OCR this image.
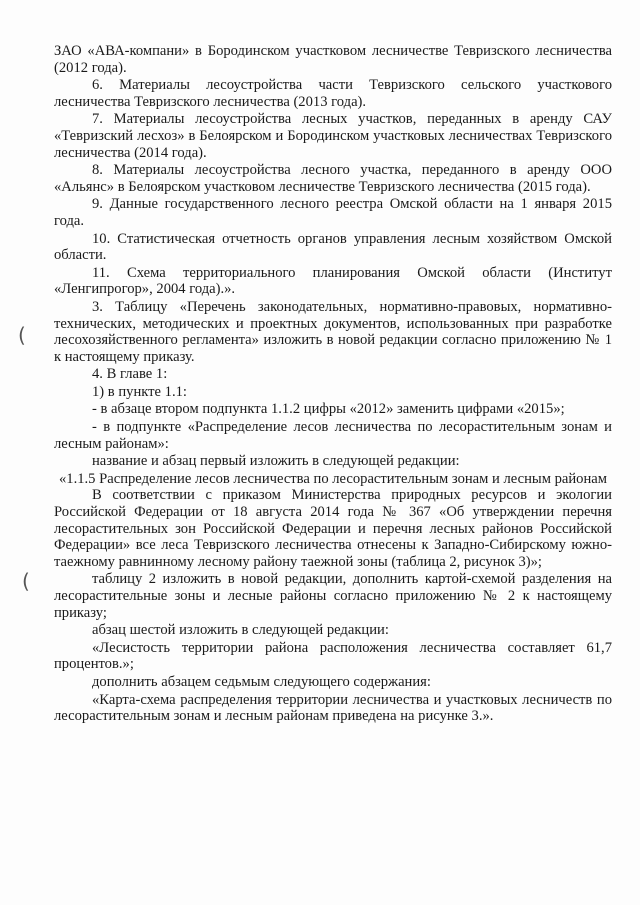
(
(

ЗАО «АВА-компани» в Бородинском участковом лесничестве Тевризского лесничества (2012 года).

6. Материалы лесоустройства части Тевризского сельского участкового лесничества Тевризского лесничества (2013 года).

7. Материалы лесоустройства лесных участков, переданных в аренду САУ «Тевризский лесхоз» в Белоярском и Бородинском участковых лесничествах Тевризского лесничества (2014 года).

8. Материалы лесоустройства лесного участка, переданного в аренду ООО «Альянс» в Белоярском участковом лесничестве Тевризского лесничества (2015 года).

9. Данные государственного лесного реестра Омской области на 1 января 2015 года.

10. Статистическая отчетность органов управления лесным хозяйством Омской области.

11. Схема территориального планирования Омской области (Институт «Ленгипрогор», 2004 года).».

3. Таблицу «Перечень законодательных, нормативно-правовых, нормативно-технических, методических и проектных документов, использованных при разработке лесохозяйственного регламента» изложить в новой редакции согласно приложению № 1 к настоящему приказу.

4. В главе 1:

1) в пункте 1.1:

- в абзаце втором подпункта 1.1.2 цифры «2012» заменить цифрами «2015»;

- в подпункте «Распределение лесов лесничества по лесорастительным зонам и лесным районам»:

название и абзац первый изложить в следующей редакции:

«1.1.5 Распределение лесов лесничества по лесорастительным зонам и лесным районам

В соответствии с приказом Министерства природных ресурсов и экологии Российской Федерации от 18 августа 2014 года № 367 «Об утверждении перечня лесорастительных зон Российской Федерации и перечня лесных районов Российской Федерации» все леса Тевризского лесничества отнесены к Западно-Сибирскому южно-таежному равнинному лесному району таежной зоны (таблица 2, рисунок 3)»;

таблицу 2 изложить в новой редакции, дополнить картой-схемой разделения на лесорастительные зоны и лесные районы согласно приложению № 2 к настоящему приказу;

абзац шестой изложить в следующей редакции:

«Лесистость территории района расположения лесничества составляет 61,7 процентов.»;

дополнить абзацем седьмым следующего содержания:

«Карта-схема распределения территории лесничества и участковых лесничеств по лесорастительным зонам и лесным районам приведена на рисунке 3.».
